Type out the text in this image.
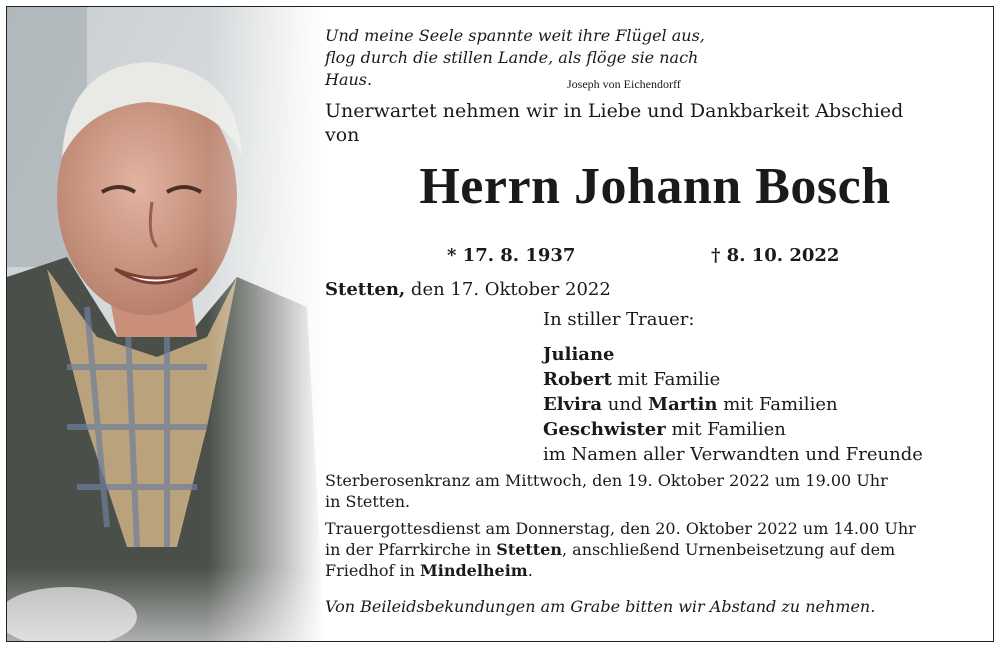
Und meine Seele spannte weit ihre Flügel aus,
flog durch die stillen Lande, als flöge sie nach Haus.	Joseph von Eichendorff
Unerwartet nehmen wir in Liebe und Dankbarkeit Abschied
von
Herrn Johann Bosch
* 17. 8. 1937	† 8. 10. 2022
Stetten, den 17. Oktober 2022
In stiller Trauer:
Juliane
Robert mit Familie
Elvira und Martin mit Familien
Geschwister mit Familien
im Namen aller Verwandten und Freunde
Sterberosenkranz am Mittwoch, den 19. Oktober 2022 um 19.00 Uhr
in Stetten.
Trauergottesdienst am Donnerstag, den 20. Oktober 2022 um 14.00 Uhr
in der Pfarrkirche in Stetten, anschließend Urnenbeisetzung auf dem
Friedhof in Mindelheim.
Von Beileidsbekundungen am Grabe bitten wir Abstand zu nehmen.
